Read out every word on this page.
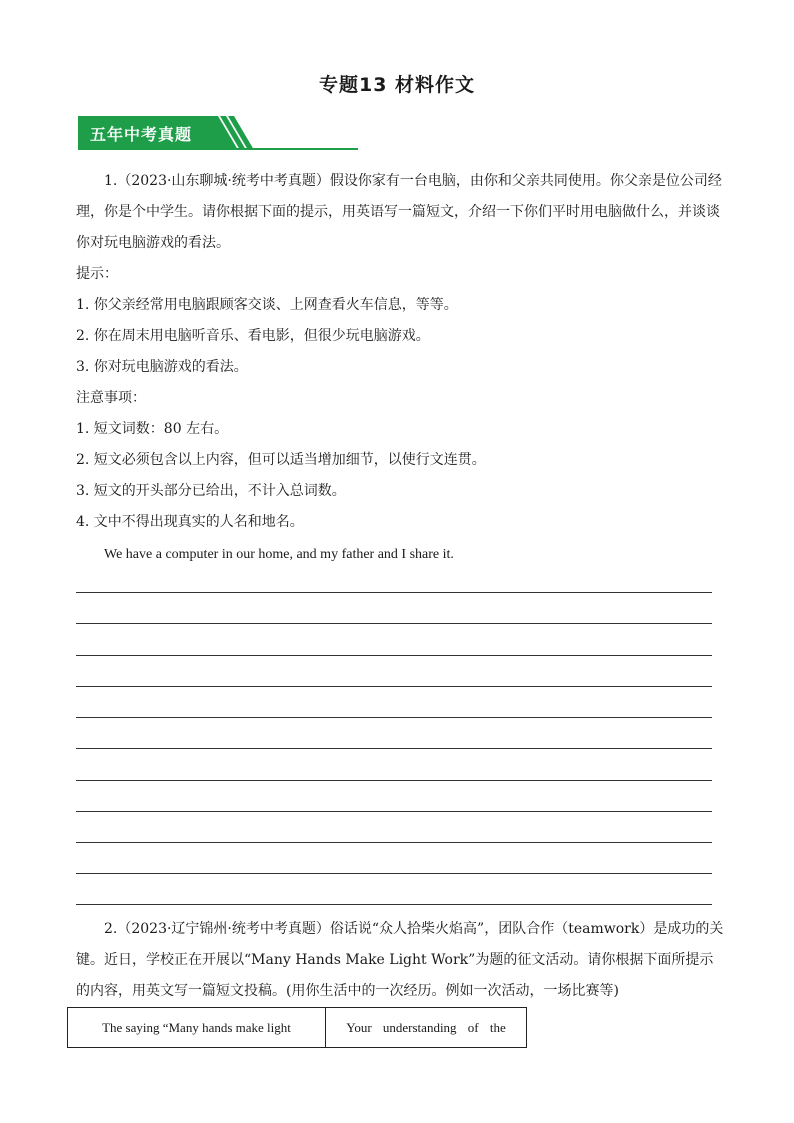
专题13 材料作文
五年中考真题
1.（2023·山东聊城·统考中考真题）假设你家有一台电脑，由你和父亲共同使用。你父亲是位公司经理，你是个中学生。请你根据下面的提示，用英语写一篇短文，介绍一下你们平时用电脑做什么，并谈谈你对玩电脑游戏的看法。
提示：
1. 你父亲经常用电脑跟顾客交谈、上网查看火车信息，等等。
2. 你在周末用电脑听音乐、看电影，但很少玩电脑游戏。
3. 你对玩电脑游戏的看法。
注意事项：
1. 短文词数：80 左右。
2. 短文必须包含以上内容，但可以适当增加细节，以使行文连贯。
3. 短文的开头部分已给出，不计入总词数。
4. 文中不得出现真实的人名和地名。
We have a computer in our home, and my father and I share it.
2.（2023·辽宁锦州·统考中考真题）俗话说“众人拾柴火焰高”，团队合作（teamwork）是成功的关键。近日，学校正在开展以“Many Hands Make Light Work”为题的征文活动。请你根据下面所提示的内容，用英文写一篇短文投稿。(用你生活中的一次经历。例如一次活动，一场比赛等)
The saying “Many hands make light	Your understanding of the
